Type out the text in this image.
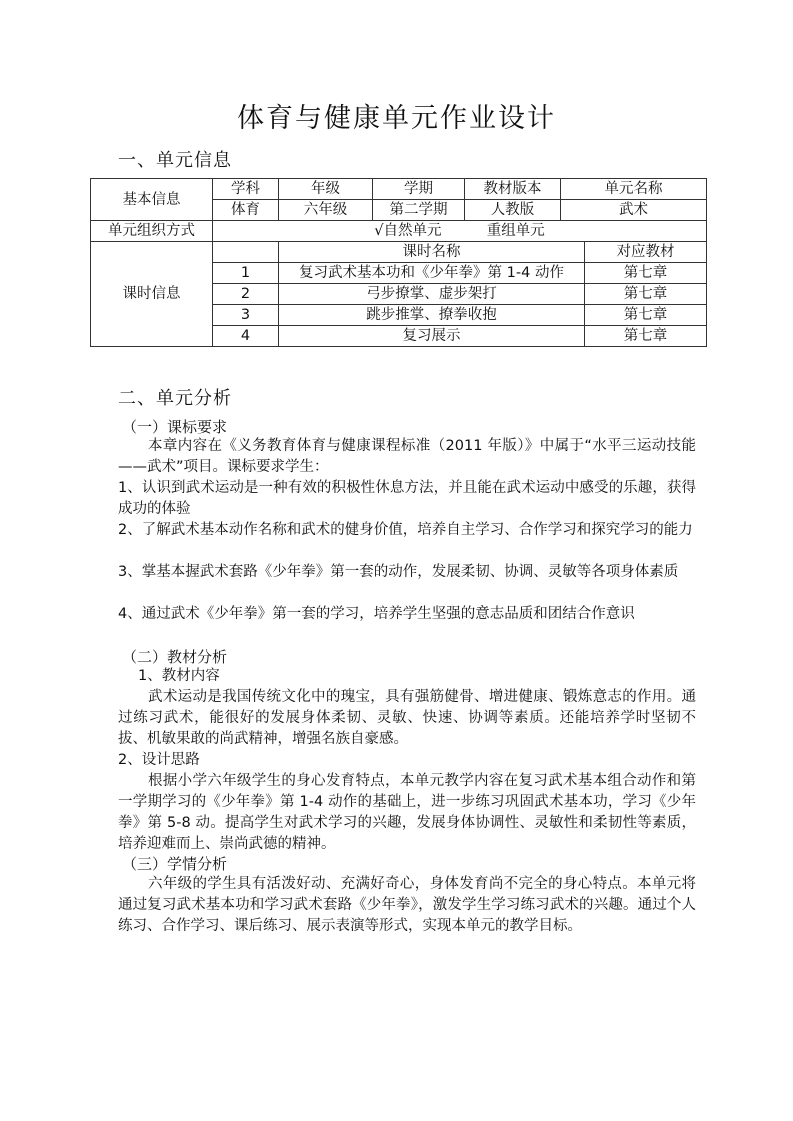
体育与健康单元作业设计
一、单元信息
基本信息	学科	年级	学期	教材版本	单元名称	
	体育	六年级	第二学期	人教版	武术	
单元组织方式	√自然单元 重组单元					
课时信息		课时名称				对应教材
	1	复习武术基本功和《少年拳》第 1-4 动作				第七章
	2	弓步撩掌、虚步架打				第七章
	3	跳步推掌、撩拳收抱				第七章
	4	复习展示				第七章
二、单元分析
（一）课标要求
本章内容在《义务教育体育与健康课程标准（2011 年版）》中属于“水平三运动技能——武术”项目。课标要求学生：
1、认识到武术运动是一种有效的积极性休息方法，并且能在武术运动中感受的乐趣，获得成功的体验
2、了解武术基本动作名称和武术的健身价值，培养自主学习、合作学习和探究学习的能力
3、掌基本握武术套路《少年拳》第一套的动作，发展柔韧、协调、灵敏等各项身体素质
4、通过武术《少年拳》第一套的学习，培养学生坚强的意志品质和团结合作意识
（二）教材分析
1、教材内容
武术运动是我国传统文化中的瑰宝，具有强筋健骨、增进健康、锻炼意志的作用。通过练习武术，能很好的发展身体柔韧、灵敏、快速、协调等素质。还能培养学时坚韧不拔、机敏果敢的尚武精神，增强名族自豪感。
2、设计思路
根据小学六年级学生的身心发育特点，本单元教学内容在复习武术基本组合动作和第一学期学习的《少年拳》第 1-4 动作的基础上，进一步练习巩固武术基本功，学习《少年拳》第 5-8 动。提高学生对武术学习的兴趣，发展身体协调性、灵敏性和柔韧性等素质，培养迎难而上、崇尚武德的精神。
（三）学情分析
六年级的学生具有活泼好动、充满好奇心，身体发育尚不完全的身心特点。本单元将通过复习武术基本功和学习武术套路《少年拳》，激发学生学习练习武术的兴趣。通过个人练习、合作学习、课后练习、展示表演等形式，实现本单元的教学目标。
